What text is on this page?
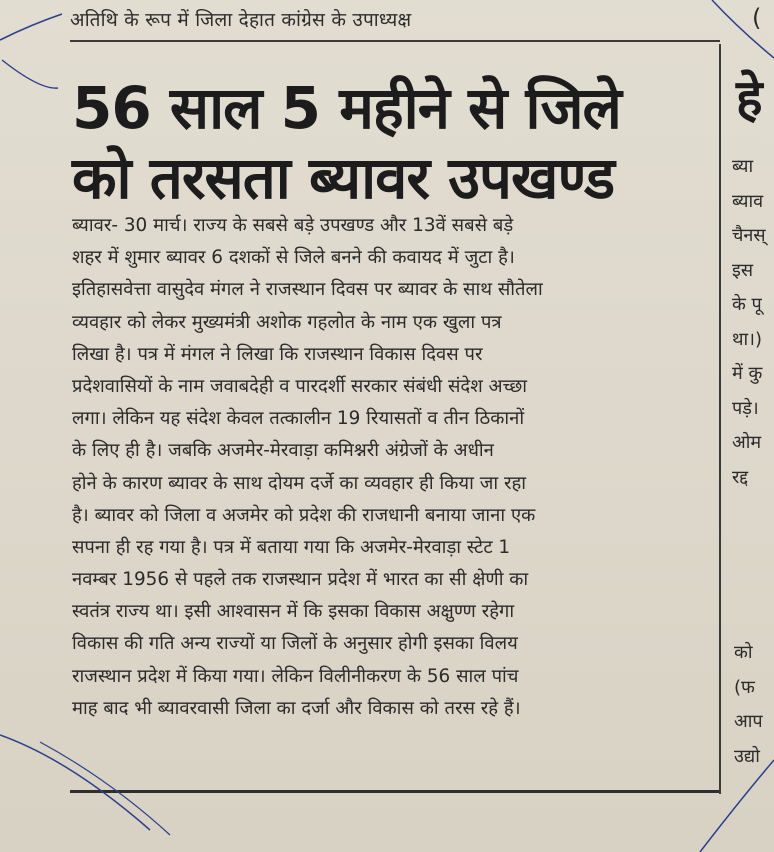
अतिथि के रूप में जिला देहात कांग्रेस के उपाध्यक्ष
56 साल 5 महीने से जिले
को तरसता ब्यावर उपखण्ड
ब्यावर- 30 मार्च। राज्य के सबसे बड़े उपखण्ड और 13वें सबसे बड़े
शहर में शुमार ब्यावर 6 दशकों से जिले बनने की कवायद में जुटा है।
इतिहासवेत्ता वासुदेव मंगल ने राजस्थान दिवस पर ब्यावर के साथ सौतेला
व्यवहार को लेकर मुख्यमंत्री अशोक गहलोत के नाम एक खुला पत्र
लिखा है। पत्र में मंगल ने लिखा कि राजस्थान विकास दिवस पर
प्रदेशवासियों के नाम जवाबदेही व पारदर्शी सरकार संबंधी संदेश अच्छा
लगा। लेकिन यह संदेश केवल तत्कालीन 19 रियासतों व तीन ठिकानों
के लिए ही है। जबकि अजमेर-मेरवाड़ा कमिश्नरी अंग्रेजों के अधीन
होने के कारण ब्यावर के साथ दोयम दर्जे का व्यवहार ही किया जा रहा
है। ब्यावर को जिला व अजमेर को प्रदेश की राजधानी बनाया जाना एक
सपना ही रह गया है। पत्र में बताया गया कि अजमेर-मेरवाड़ा स्टेट 1
नवम्बर 1956 से पहले तक राजस्थान प्रदेश में भारत का सी क्षेणी का
स्वतंत्र राज्य था। इसी आश्वासन में कि इसका विकास अक्षुण्ण रहेगा
विकास की गति अन्य राज्यों या जिलों के अनुसार होगी इसका विलय
राजस्थान प्रदेश में किया गया। लेकिन विलीनीकरण के 56 साल पांच
माह बाद भी ब्यावरवासी जिला का दर्जा और विकास को तरस रहे हैं।
(
हे
ब्या
ब्याव
चैनस्
इस
के पू
था।)
में कु
पड़े।
ओम
रद्द
को
(फ
आप
उद्यो
